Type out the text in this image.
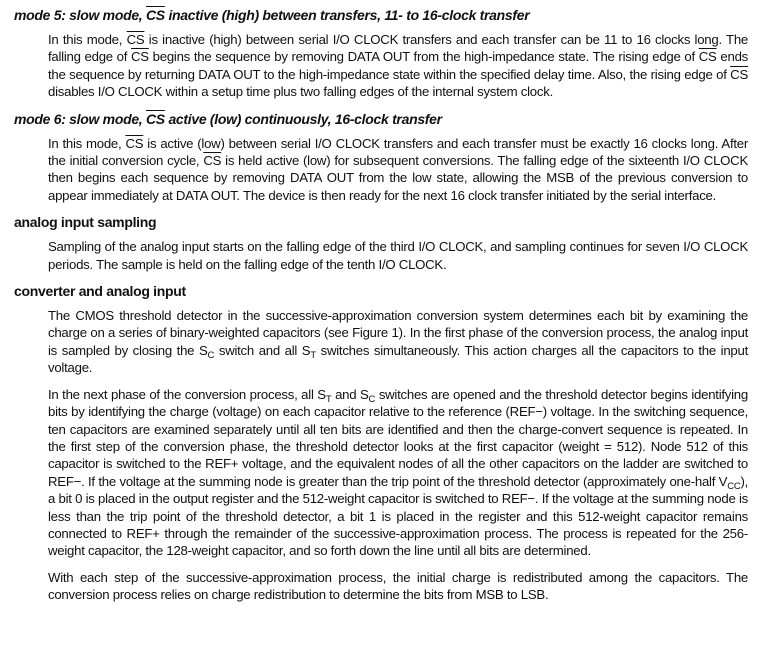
mode 5: slow mode, $\overline{CS}$ inactive (high) between transfers, 11- to 16-clock transfer

In this mode, $\overline{CS}$ is inactive (high) between serial I/O CLOCK transfers and each transfer can be 11 to 16 clocks long. The falling edge of $\overline{CS}$ begins the sequence by removing DATA OUT from the high-impedance state. The rising edge of $\overline{CS}$ ends the sequence by returning DATA OUT to the high-impedance state within the specified delay time. Also, the rising edge of $\overline{CS}$ disables I/O CLOCK within a setup time plus two falling edges of the internal system clock.

mode 6: slow mode, $\overline{CS}$ active (low) continuously, 16-clock transfer

In this mode, $\overline{CS}$ is active (low) between serial I/O CLOCK transfers and each transfer must be exactly 16 clocks long. After the initial conversion cycle, $\overline{CS}$ is held active (low) for subsequent conversions. The falling edge of the sixteenth I/O CLOCK then begins each sequence by removing DATA OUT from the low state, allowing the MSB of the previous conversion to appear immediately at DATA OUT. The device is then ready for the next 16 clock transfer initiated by the serial interface.

analog input sampling

Sampling of the analog input starts on the falling edge of the third I/O CLOCK, and sampling continues for seven I/O CLOCK periods. The sample is held on the falling edge of the tenth I/O CLOCK.

converter and analog input

The CMOS threshold detector in the successive-approximation conversion system determines each bit by examining the charge on a series of binary-weighted capacitors (see Figure 1). In the first phase of the conversion process, the analog input is sampled by closing the $S_C$ switch and all $S_T$ switches simultaneously. This action charges all the capacitors to the input voltage.

In the next phase of the conversion process, all $S_T$ and $S_C$ switches are opened and the threshold detector begins identifying bits by identifying the charge (voltage) on each capacitor relative to the reference (REF−) voltage. In the switching sequence, ten capacitors are examined separately until all ten bits are identified and then the charge-convert sequence is repeated. In the first step of the conversion phase, the threshold detector looks at the first capacitor (weight = 512). Node 512 of this capacitor is switched to the REF+ voltage, and the equivalent nodes of all the other capacitors on the ladder are switched to REF−. If the voltage at the summing node is greater than the trip point of the threshold detector (approximately one-half $V_{CC}$), a bit 0 is placed in the output register and the 512-weight capacitor is switched to REF−. If the voltage at the summing node is less than the trip point of the threshold detector, a bit 1 is placed in the register and this 512-weight capacitor remains connected to REF+ through the remainder of the successive-approximation process. The process is repeated for the 256-weight capacitor, the 128-weight capacitor, and so forth down the line until all bits are determined.

With each step of the successive-approximation process, the initial charge is redistributed among the capacitors. The conversion process relies on charge redistribution to determine the bits from MSB to LSB.
